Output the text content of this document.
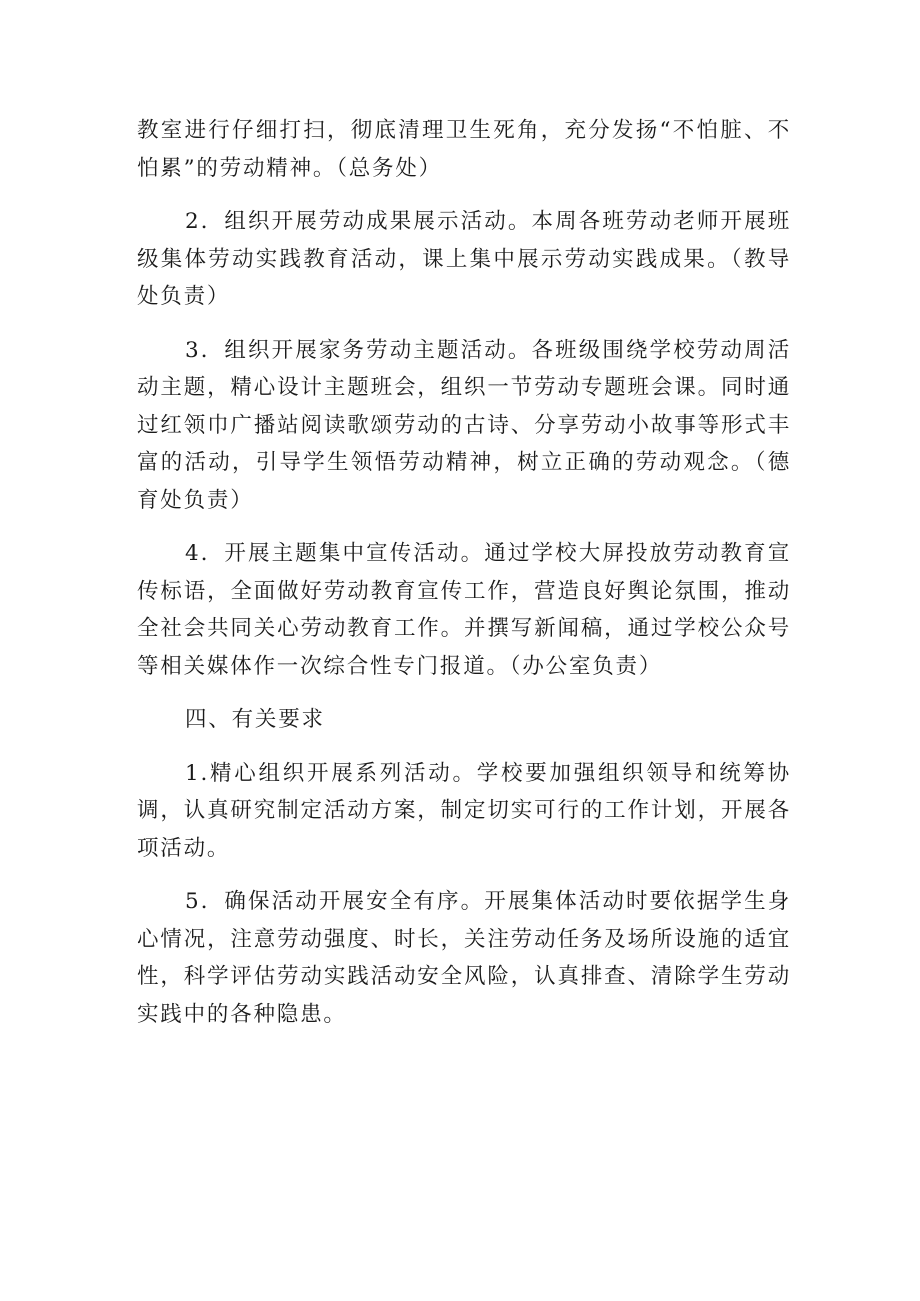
教室进行仔细打扫，彻底清理卫生死角，充分发扬“不怕脏、不怕累”的劳动精神。（总务处）

2．组织开展劳动成果展示活动。本周各班劳动老师开展班级集体劳动实践教育活动，课上集中展示劳动实践成果。（教导处负责）

3．组织开展家务劳动主题活动。各班级围绕学校劳动周活动主题，精心设计主题班会，组织一节劳动专题班会课。同时通过红领巾广播站阅读歌颂劳动的古诗、分享劳动小故事等形式丰富的活动，引导学生领悟劳动精神，树立正确的劳动观念。（德育处负责）

4．开展主题集中宣传活动。通过学校大屏投放劳动教育宣传标语，全面做好劳动教育宣传工作，营造良好舆论氛围，推动全社会共同关心劳动教育工作。并撰写新闻稿，通过学校公众号等相关媒体作一次综合性专门报道。（办公室负责）

四、有关要求

1.精心组织开展系列活动。学校要加强组织领导和统筹协调，认真研究制定活动方案，制定切实可行的工作计划，开展各项活动。

5．确保活动开展安全有序。开展集体活动时要依据学生身心情况，注意劳动强度、时长，关注劳动任务及场所设施的适宜性，科学评估劳动实践活动安全风险，认真排查、清除学生劳动实践中的各种隐患。
